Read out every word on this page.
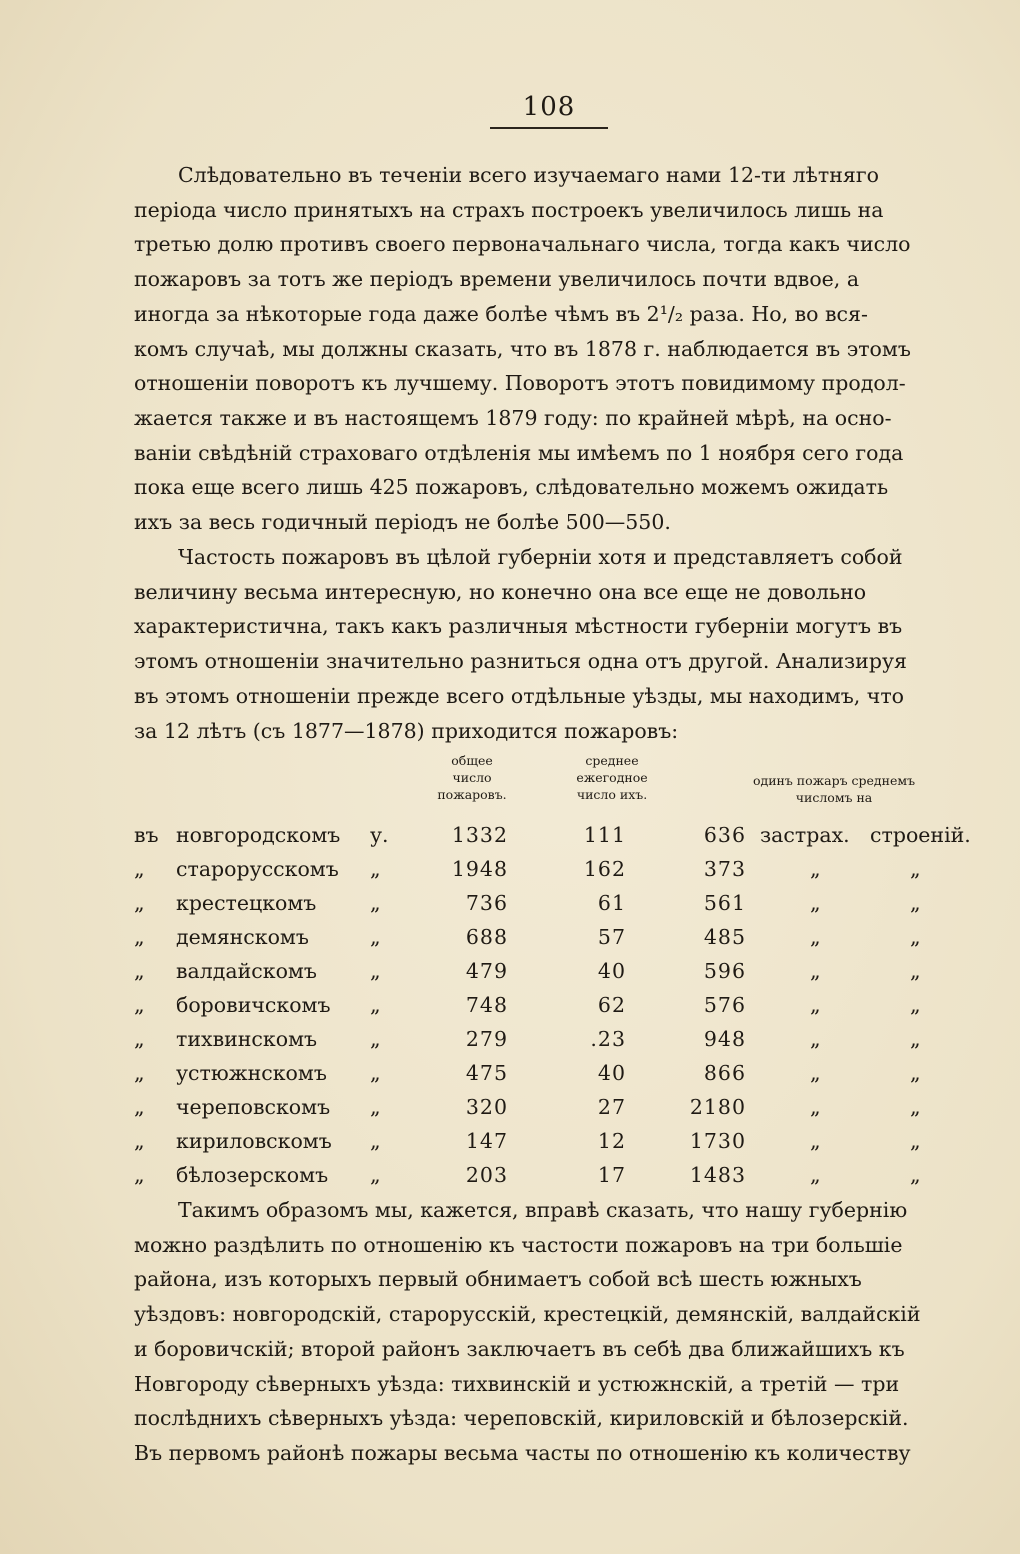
108

Слѣдовательно въ теченіи всего изучаемаго нами 12-ти лѣтняго

періода число принятыхъ на страхъ построекъ увеличилось лишь на

третью долю противъ своего первоначальнаго числа, тогда какъ число

пожаровъ за тотъ же періодъ времени увеличилось почти вдвое, а

иногда за нѣкоторые года даже болѣе чѣмъ въ 2¹/₂ раза. Но, во вся-

комъ случаѣ, мы должны сказать, что въ 1878 г. наблюдается въ этомъ

отношеніи поворотъ къ лучшему. Поворотъ этотъ повидимому продол-

жается также и въ настоящемъ 1879 году: по крайней мѣрѣ, на осно-

ваніи свѣдѣній страховаго отдѣленія мы имѣемъ по 1 ноября сего года

пока еще всего лишь 425 пожаровъ, слѣдовательно можемъ ожидать

ихъ за весь годичный періодъ не болѣе 500—550.

Частость пожаровъ въ цѣлой губерніи хотя и представляетъ собой

величину весьма интересную, но конечно она все еще не довольно

характеристична, такъ какъ различныя мѣстности губерніи могутъ въ

этомъ отношеніи значительно разниться одна отъ другой. Анализируя

въ этомъ отношеніи прежде всего отдѣльные уѣзды, мы находимъ, что

за 12 лѣтъ (съ 1877—1878) приходится пожаровъ:

общее
число
пожаровъ.
среднее
ежегодное
число ихъ.
одинъ пожаръ среднемъ
числомъ на
въ новгородскомъ у.	1332	111	636 застрах. строеній.
„ старорусскомъ „	1948	162	373	„	„
„ крестецкомъ	„	736	61	561	„	„
„ демянскомъ	„	688	57	485	„	„
„ валдайскомъ	„	479	40	596	„	„
„ боровичскомъ „	748	62	576	„	„
„ тихвинскомъ	„	279	.23	948	„	„
„ устюжнскомъ „	475	40	866	„	„
„ череповскомъ „	320	27	2180	„	„
„ кириловскомъ „	147	12	1730	„	„
„ бѣлозерскомъ „	203	17	1483	„	„

Такимъ образомъ мы, кажется, вправѣ сказать, что нашу губернію

можно раздѣлить по отношенію къ частости пожаровъ на три большіе

района, изъ которыхъ первый обнимаетъ собой всѣ шесть южныхъ

уѣздовъ: новгородскій, старорусскій, крестецкій, демянскій, валдайскій

и боровичскій; второй районъ заключаетъ въ себѣ два ближайшихъ къ

Новгороду сѣверныхъ уѣзда: тихвинскій и устюжнскій, а третій — три

послѣднихъ сѣверныхъ уѣзда: череповскій, кириловскій и бѣлозерскій.

Въ первомъ районѣ пожары весьма часты по отношенію къ количеству
